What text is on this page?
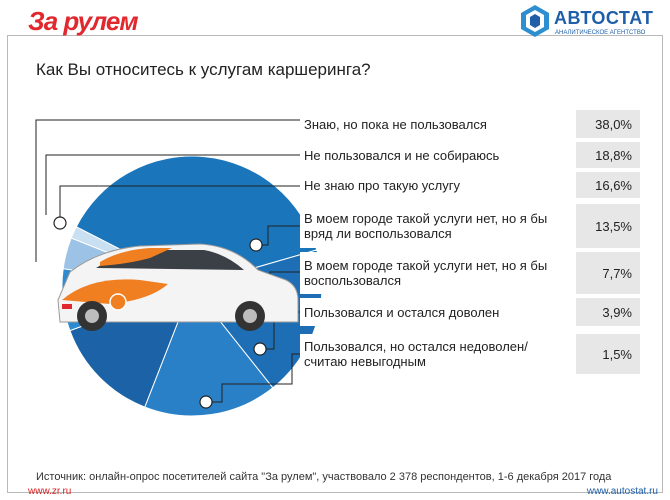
За рулем	АВТОСТАТ
АНАЛИТИЧЕСКОЕ АГЕНТСТВО
Как Вы относитесь к услугам каршеринга?
Знаю, но пока не пользовался	38,0%
Не пользовался и не собираюсь	18,8%
Не знаю про такую услугу	16,6%
В моем городе такой услуги нет, но я бы вряд ли воспользовался	13,5%
В моем городе такой услуги нет, но я бы воспользовался	7,7%
Пользовался и остался доволен	3,9%
Пользовался, но остался недоволен/ считаю невыгодным	1,5%
Источник: онлайн-опрос посетителей сайта "За рулем", участвовало 2 378 респондентов, 1-6 декабря 2017 года
www.zr.ru	www.autostat.ru
